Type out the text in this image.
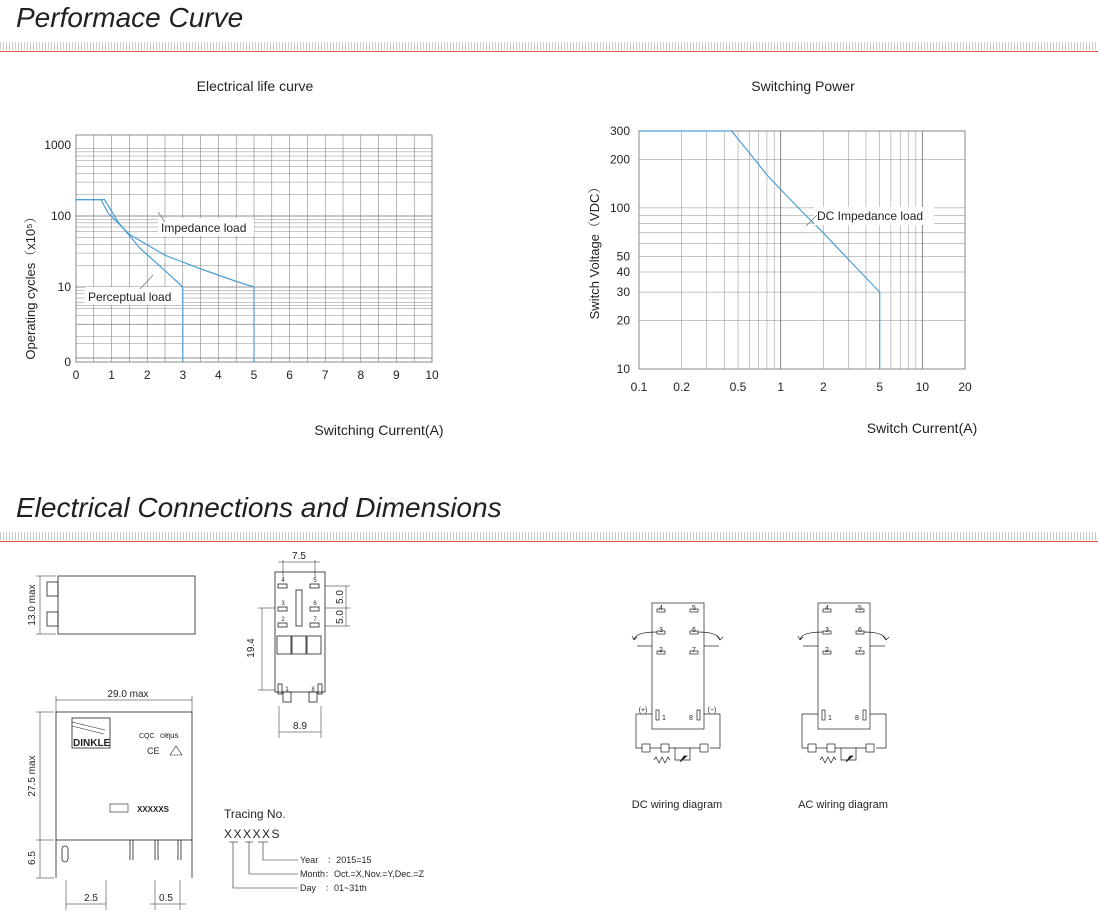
Performace Curve
Electrical Connections and Dimensions
Electrical life curve
0 1 2 3 4 5 6 7 8 9 10
0
10
100
1000
Switching Current(A)
Operating cycles（x10⁵）	Impedance load
Perceptual load
Switching Power
0.1 0.2	0.5	1	2	5	10 20
10
20
30
40
50
100
200
300
Switch Current(A)
Switch Voltage（VDC）	DC Impedance load
13.0 max
29.0 max
27.5 max
6.5
2.5	0.5
DINKLE
XXXXXS
CQC cʀʅus
CE
7.5
5.0
5.0
19.4
8.9
4	5
3	6
2	7
1	8
Tracing No.
XXXXXS
Year　：2015=15
Month：Oct.=X,Nov.=Y,Dec.=Z
Day　：01~31th
4	5
3	6
2	7
1	8
(+)	(−)
DC wiring diagram
4	5
3	6
2	7
1	8
AC wiring diagram
